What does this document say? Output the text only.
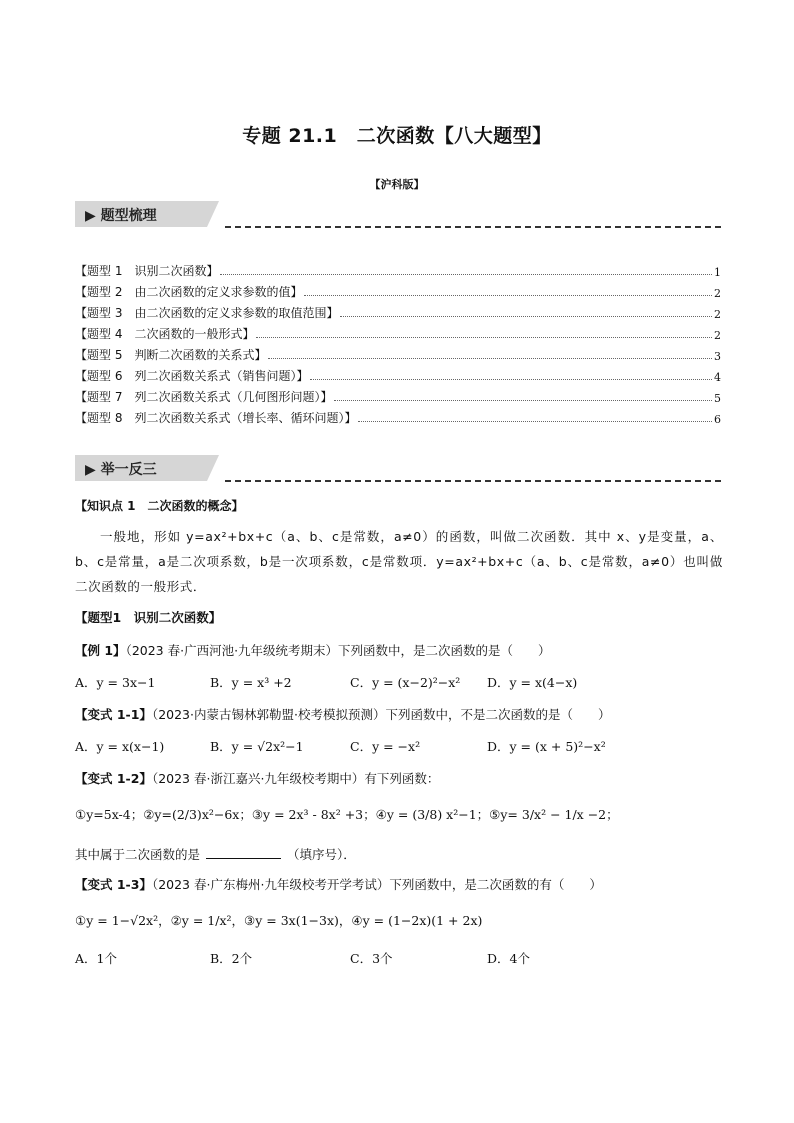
专题 21.1　二次函数【八大题型】
【沪科版】
▶ 题型梳理
【题型 1　识别二次函数】	1
【题型 2　由二次函数的定义求参数的值】	2
【题型 3　由二次函数的定义求参数的取值范围】	2
【题型 4　二次函数的一般形式】	2
【题型 5　判断二次函数的关系式】	3
【题型 6　列二次函数关系式（销售问题）】	4
【题型 7　列二次函数关系式（几何图形问题）】	5
【题型 8　列二次函数关系式（增长率、循环问题）】	6
▶ 举一反三
【知识点 1　二次函数的概念】
一般地，形如 y=ax²+bx+c（a、b、c是常数，a≠0）的函数，叫做二次函数．其中 x、y是变量，a、b、c是常量，a是二次项系数，b是一次项系数，c是常数项．y=ax²+bx+c（a、b、c是常数，a≠0）也叫做二次函数的一般形式．
【题型1　识别二次函数】
【例 1】（2023 春·广西河池·九年级统考期末）下列函数中，是二次函数的是（　　）
A．y = 3x−1	B．y = x³ +2	C．y = (x−2)²−x² D．y = x(4−x)
【变式 1-1】（2023·内蒙古锡林郭勒盟·校考模拟预测）下列函数中，不是二次函数的是（　　）
A．y = x(x−1)	B．y = √2x²−1	C．y = −x²	D．y = (x + 5)²−x²
【变式 1-2】（2023 春·浙江嘉兴·九年级校考期中）有下列函数：
①y=5x-4；②y=(2/3)x²−6x；③y = 2x³ - 8x² +3；④y = (3/8) x²−1；⑤y= 3/x² − 1/x −2；
其中属于二次函数的是	（填序号）．
【变式 1-3】（2023 春·广东梅州·九年级校考开学考试）下列函数中，是二次函数的有（　　）
①y = 1−√2x²，②y = 1/x²，③y = 3x(1−3x)，④y = (1−2x)(1 + 2x)
A．1个	B．2个	C．3个	D．4个
